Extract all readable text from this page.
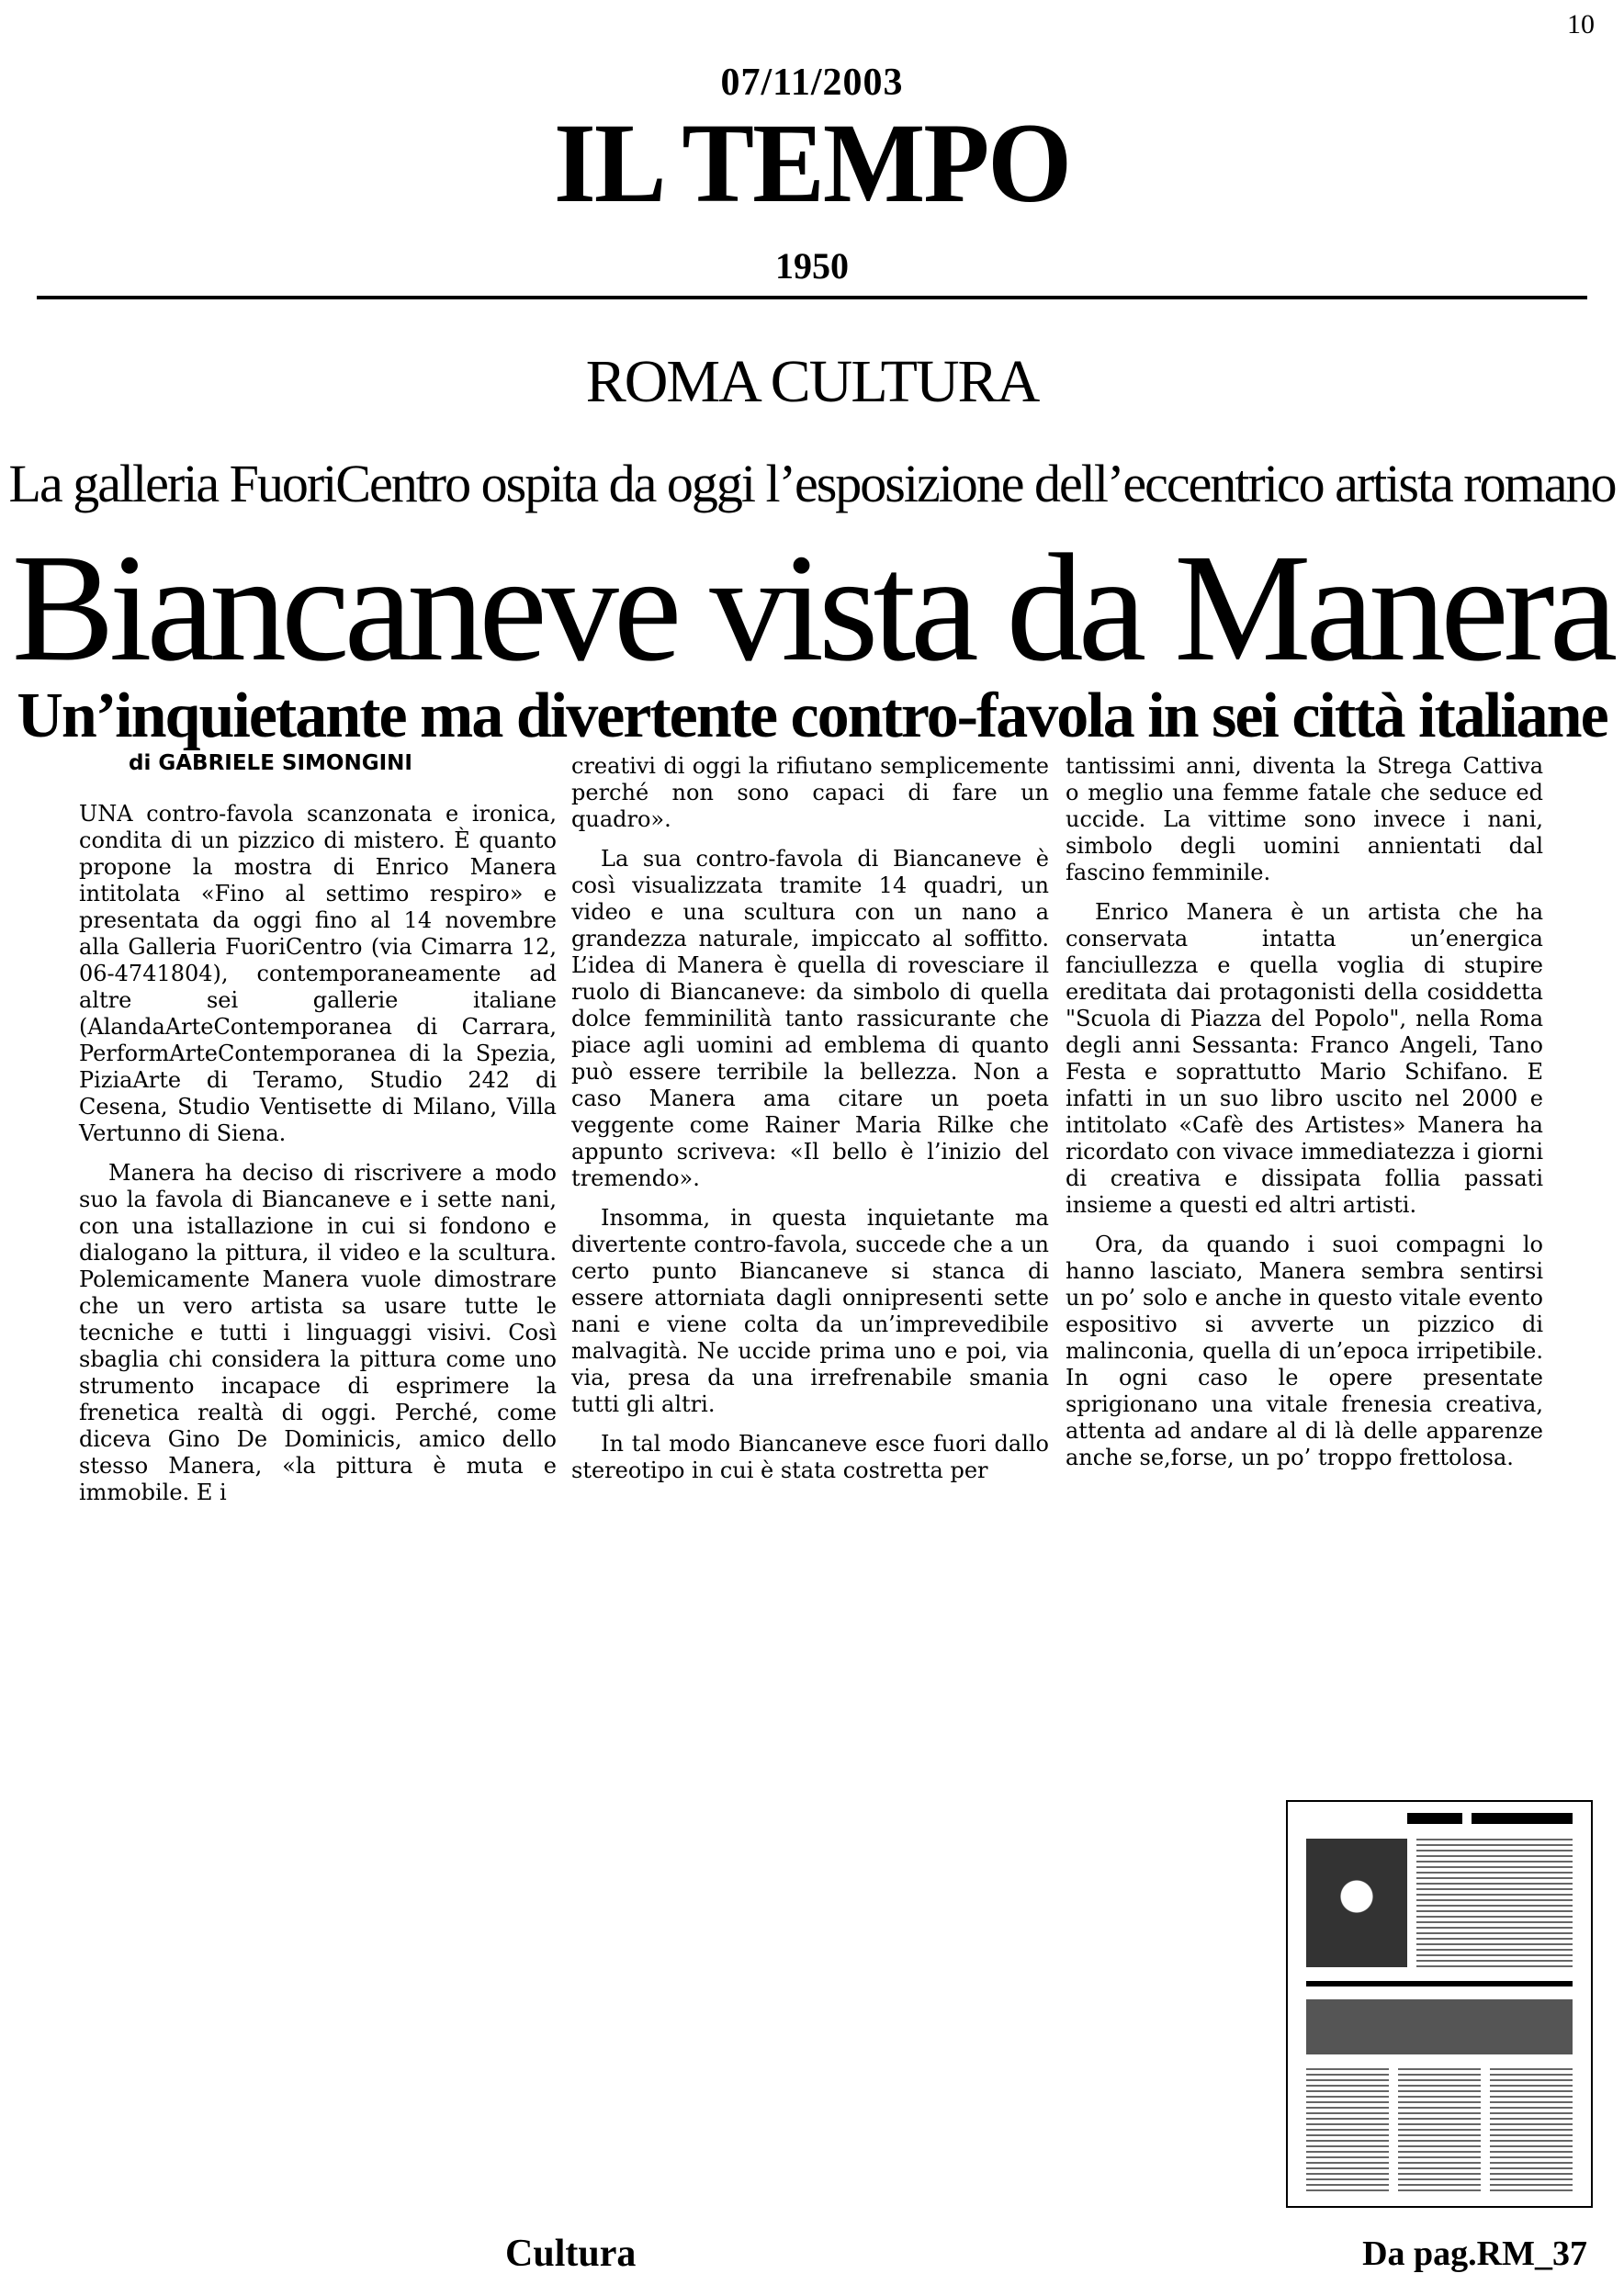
10
07/11/2003
IL TEMPO
1950
ROMA CULTURA
La galleria FuoriCentro ospita da oggi l’esposizione dell’eccentrico artista romano
Biancaneve vista da Manera
Un’inquietante ma divertente contro-favola in sei città italiane
di GABRIELE SIMONGINI

UNA contro-favola scanzonata e ironica, condita di un pizzico di mistero. È quanto propone la mostra di Enrico Manera intitolata «Fino al settimo respiro» e presentata da oggi fino al 14 novembre alla Galleria FuoriCentro (via Cimarra 12, 06-4741804), contemporaneamente ad altre sei gallerie italiane (AlandaArteContemporanea di Carrara, PerformArteContemporanea di la Spezia, PiziaArte di Teramo, Studio 242 di Cesena, Studio Ventisette di Milano, Villa Vertunno di Siena.

Manera ha deciso di riscrivere a modo suo la favola di Biancaneve e i sette nani, con una istallazione in cui si fondono e dialogano la pittura, il video e la scultura. Polemicamente Manera vuole dimostrare che un vero artista sa usare tutte le tecniche e tutti i linguaggi visivi. Così sbaglia chi considera la pittura come uno strumento incapace di esprimere la frenetica realtà di oggi. Perché, come diceva Gino De Dominicis, amico dello stesso Manera, «la pittura è muta e immobile. E i

creativi di oggi la rifiutano semplicemente perché non sono capaci di fare un quadro».

La sua contro-favola di Biancaneve è così visualizzata tramite 14 quadri, un video e una scultura con un nano a grandezza naturale, impiccato al soffitto. L’idea di Manera è quella di rovesciare il ruolo di Biancaneve: da simbolo di quella dolce femminilità tanto rassicurante che piace agli uomini ad emblema di quanto può essere terribile la bellezza. Non a caso Manera ama citare un poeta veggente come Rainer Maria Rilke che appunto scriveva: «Il bello è l’inizio del tremendo».

Insomma, in questa inquietante ma divertente contro-favola, succede che a un certo punto Biancaneve si stanca di essere attorniata dagli onnipresenti sette nani e viene colta da un’imprevedibile malvagità. Ne uccide prima uno e poi, via via, presa da una irrefrenabile smania tutti gli altri.

In tal modo Biancaneve esce fuori dallo stereotipo in cui è stata costretta per

tantissimi anni, diventa la Strega Cattiva o meglio una femme fatale che seduce ed uccide. La vittime sono invece i nani, simbolo degli uomini annientati dal fascino femminile.

Enrico Manera è un artista che ha conservata intatta un’energica fanciullezza e quella voglia di stupire ereditata dai protagonisti della cosiddetta "Scuola di Piazza del Popolo", nella Roma degli anni Sessanta: Franco Angeli, Tano Festa e soprattutto Mario Schifano. E infatti in un suo libro uscito nel 2000 e intitolato «Cafè des Artistes» Manera ha ricordato con vivace immediatezza i giorni di creativa e dissipata follia passati insieme a questi ed altri artisti.

Ora, da quando i suoi compagni lo hanno lasciato, Manera sembra sentirsi un po’ solo e anche in questo vitale evento espositivo si avverte un pizzico di malinconia, quella di un’epoca irripetibile. In ogni caso le opere presentate sprigionano una vitale frenesia creativa, attenta ad andare al di là delle apparenze anche se,forse, un po’ troppo frettolosa.

Cultura	Da pag.RM_37
